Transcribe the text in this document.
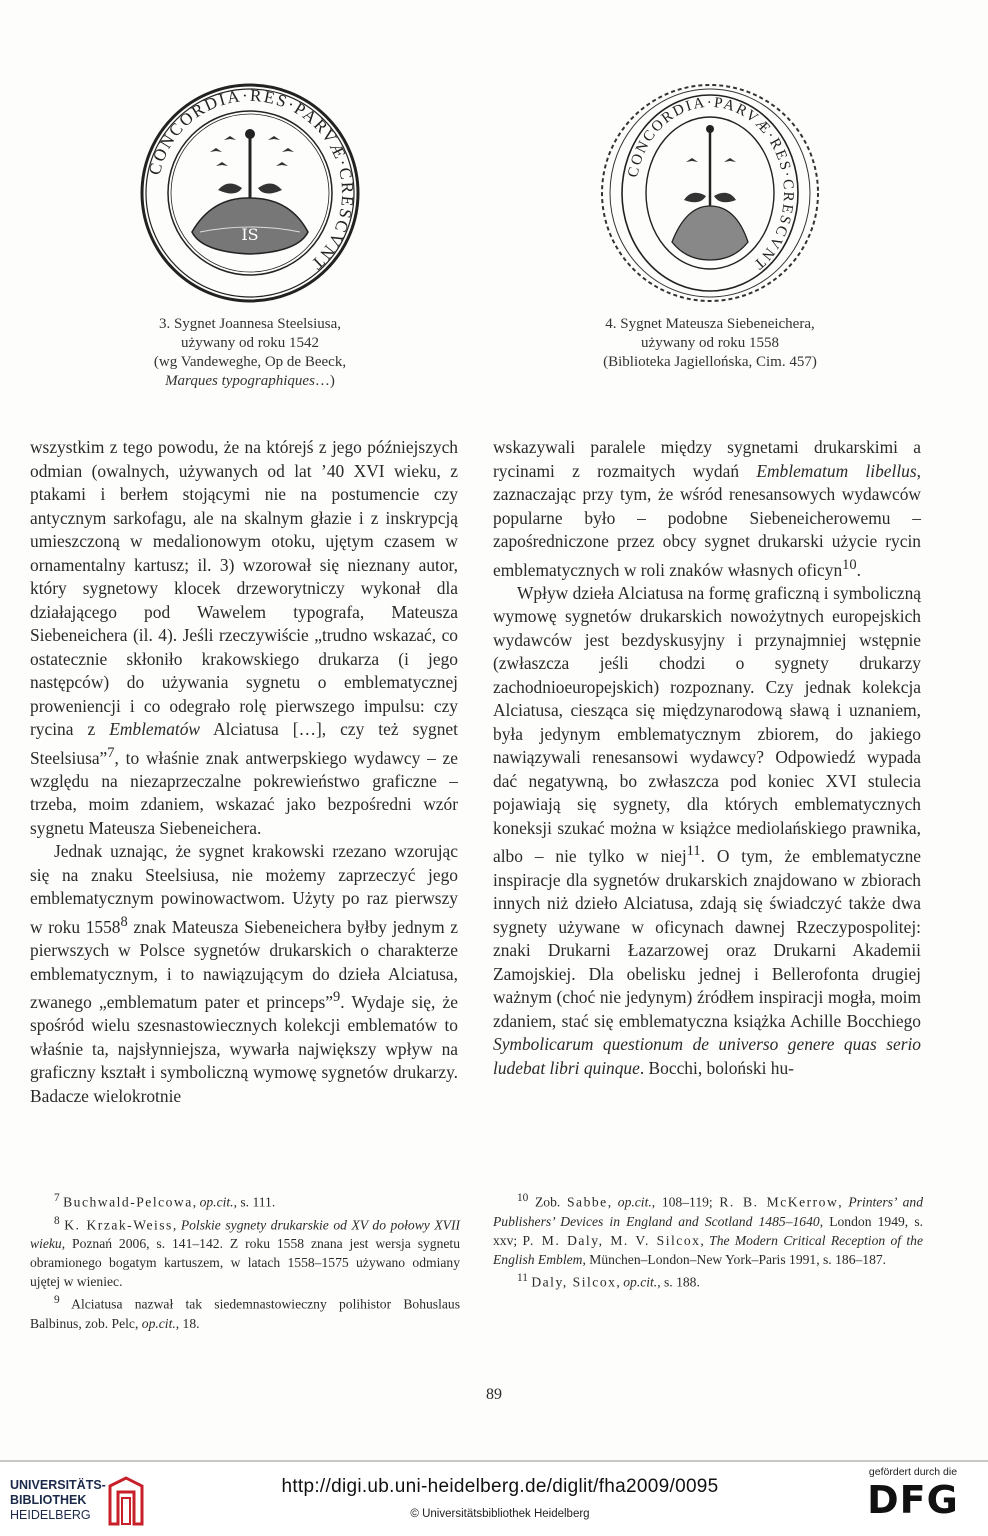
CONCORDIA·RES·PARVÆ·CRESCVNT
IS
3. Sygnet Joannesa Steelsiusa,
używany od roku 1542
(wg Vandeweghe, Op de Beeck,
Marques typographiques…)
CONCORDIA·PARVÆ·RES·CRESCVNT
4. Sygnet Mateusza Siebeneichera,
używany od roku 1558
(Biblioteka Jagiellońska, Cim. 457)

wszystkim z tego powodu, że na którejś z jego późniejszych odmian (owalnych, używanych od lat ’40 XVI wieku, z ptakami i berłem stojącymi nie na postumencie czy antycznym sarkofagu, ale na skalnym głazie i z inskrypcją umieszczoną w medalionowym otoku, ujętym czasem w ornamentalny kartusz; il. 3) wzorował się nieznany autor, który sygnetowy klocek drzeworytniczy wykonał dla działającego pod Wawelem typografa, Mateusza Siebeneichera (il. 4). Jeśli rzeczywiście „trudno wskazać, co ostatecznie skłoniło krakowskiego drukarza (i jego następców) do używania sygnetu o emblematycznej proweniencji i co odegrało rolę pierwszego impulsu: czy rycina z Emblematów Alciatusa […], czy też sygnet Steelsiusa”$^7$, to właśnie znak antwerpskiego wydawcy – ze względu na niezaprzeczalne pokrewieństwo graficzne – trzeba, moim zdaniem, wskazać jako bezpośredni wzór sygnetu Mateusza Siebeneichera.

Jednak uznając, że sygnet krakowski rzezano wzorując się na znaku Steelsiusa, nie możemy zaprzeczyć jego emblematycznym powinowactwom. Użyty po raz pierwszy w roku 1558$^8$ znak Mateusza Siebeneichera byłby jednym z pierwszych w Polsce sygnetów drukarskich o charakterze emblematycznym, i to nawiązującym do dzieła Alciatusa, zwanego „emblematum pater et princeps”$^9$. Wydaje się, że spośród wielu szesnastowiecznych kolekcji emblematów to właśnie ta, najsłynniejsza, wywarła największy wpływ na graficzny kształt i symboliczną wymowę sygnetów drukarzy. Badacze wielokrotnie

wskazywali paralele między sygnetami drukarskimi a rycinami z rozmaitych wydań Emblematum libellus, zaznaczając przy tym, że wśród renesansowych wydawców popularne było – podobne Siebeneicherowemu – zapośredniczone przez obcy sygnet drukarski użycie rycin emblematycznych w roli znaków własnych oficyn$^{10}$.

Wpływ dzieła Alciatusa na formę graficzną i symboliczną wymowę sygnetów drukarskich nowożytnych europejskich wydawców jest bezdyskusyjny i przynajmniej wstępnie (zwłaszcza jeśli chodzi o sygnety drukarzy zachodnioeuropejskich) rozpoznany. Czy jednak kolekcja Alciatusa, ciesząca się międzynarodową sławą i uznaniem, była jedynym emblematycznym zbiorem, do jakiego nawiązywali renesansowi wydawcy? Odpowiedź wypada dać negatywną, bo zwłaszcza pod koniec XVI stulecia pojawiają się sygnety, dla których emblematycznych koneksji szukać można w książce mediolańskiego prawnika, albo – nie tylko w niej$^{11}$. O tym, że emblematyczne inspiracje dla sygnetów drukarskich znajdowano w zbiorach innych niż dzieło Alciatusa, zdają się świadczyć także dwa sygnety używane w oficynach dawnej Rzeczypospolitej: znaki Drukarni Łazarzowej oraz Drukarni Akademii Zamojskiej. Dla obelisku jednej i Bellerofonta drugiej ważnym (choć nie jedynym) źródłem inspiracji mogła, moim zdaniem, stać się emblematyczna książka Achille Bocchiego Symbolicarum questionum de universo genere quas serio ludebat libri quinque. Bocchi, boloński hu-

$^7$ Buchwald-Pelcowa, op.cit., s. 111.

$^8$ K. Krzak-Weiss, Polskie sygnety drukarskie od XV do połowy XVII wieku, Poznań 2006, s. 141–142. Z roku 1558 znana jest wersja sygnetu obramionego bogatym kartuszem, w latach 1558–1575 używano odmiany ujętej w wieniec.

$^9$ Alciatusa nazwał tak siedemnastowieczny polihistor Bohuslaus Balbinus, zob. Pelc, op.cit., 18.

$^{10}$ Zob. Sabbe, op.cit., 108–119; R. B. McKerrow, Printers’ and Publishers’ Devices in England and Scotland 1485–1640, London 1949, s. xxv; P. M. Daly, M. V. Silcox, The Modern Critical Reception of the English Emblem, München–London–New York–Paris 1991, s. 186–187.

$^{11}$ Daly, Silcox, op.cit., s. 188.

89
UNIVERSITÄTS-
BIBLIOTHEK
HEIDELBERG
http://digi.ub.uni-heidelberg.de/diglit/fha2009/0095
© Universitätsbibliothek Heidelberg
gefördert durch die
DFG
